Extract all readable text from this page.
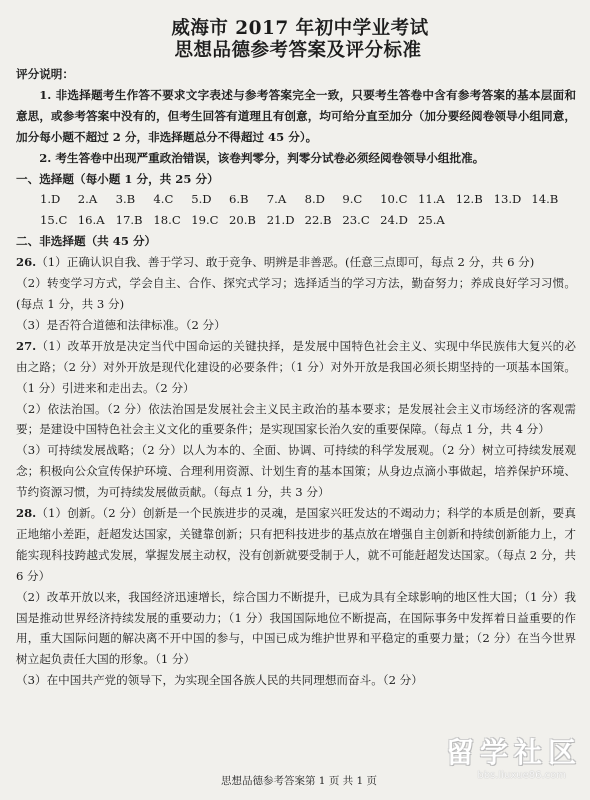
威海市 2017 年初中学业考试
思想品德参考答案及评分标准
评分说明：
1. 非选择题考生作答不要求文字表述与参考答案完全一致，只要考生答卷中含有参考答案的基本层面和意思，或参考答案中没有的，但考生回答有道理且有创意，均可给分直至加分（加分要经阅卷领导小组同意，加分每小题不超过 2 分，非选择题总分不得超过 45 分）。
2. 考生答卷中出现严重政治错误，该卷判零分，判零分试卷必须经阅卷领导小组批准。
一、选择题（每小题 1 分，共 25 分）
1.D	2.A	3.B	4.C	5.D	6.B	7.A	8.D	9.C	10.C 11.A 12.B 13.D 14.B
15.C 16.A 17.B 18.C 19.C 20.B 21.D 22.B 23.C 24.D 25.A
二、非选择题（共 45 分）
26.（1）正确认识自我、善于学习、敢于竞争、明辨是非善恶。(任意三点即可，每点 2 分，共 6 分)
（2）转变学习方式，学会自主、合作、探究式学习；选择适当的学习方法，勤奋努力；养成良好学习习惯。(每点 1 分，共 3 分)
（3）是否符合道德和法律标准。（2 分）
27.（1）改革开放是决定当代中国命运的关键抉择，是发展中国特色社会主义、实现中华民族伟大复兴的必由之路；（2 分）对外开放是现代化建设的必要条件；（1 分）对外开放是我国必须长期坚持的一项基本国策。（1 分）引进来和走出去。（2 分）
（2）依法治国。（2 分）依法治国是发展社会主义民主政治的基本要求；是发展社会主义市场经济的客观需要；是建设中国特色社会主义文化的重要条件；是实现国家长治久安的重要保障。（每点 1 分，共 4 分）
（3）可持续发展战略；（2 分）以人为本的、全面、协调、可持续的科学发展观。（2 分）树立可持续发展观念；积极向公众宣传保护环境、合理利用资源、计划生育的基本国策；从身边点滴小事做起，培养保护环境、节约资源习惯，为可持续发展做贡献。（每点 1 分，共 3 分）
28.（1）创新。（2 分）创新是一个民族进步的灵魂，是国家兴旺发达的不竭动力；科学的本质是创新，要真正地缩小差距，赶超发达国家，关键靠创新；只有把科技进步的基点放在增强自主创新和持续创新能力上，才能实现科技跨越式发展，掌握发展主动权，没有创新就要受制于人，就不可能赶超发达国家。（每点 2 分，共 6 分）
（2）改革开放以来，我国经济迅速增长，综合国力不断提升，已成为具有全球影响的地区性大国；（1 分）我国是推动世界经济持续发展的重要动力；（1 分）我国国际地位不断提高，在国际事务中发挥着日益重要的作用，重大国际问题的解决离不开中国的参与，中国已成为维护世界和平稳定的重要力量；（2 分）在当今世界树立起负责任大国的形象。（1 分）
（3）在中国共产党的领导下，为实现全国各族人民的共同理想而奋斗。（2 分）
思想品德参考答案第 1 页 共 1 页
留学社区
bbs.liuxue86.com
